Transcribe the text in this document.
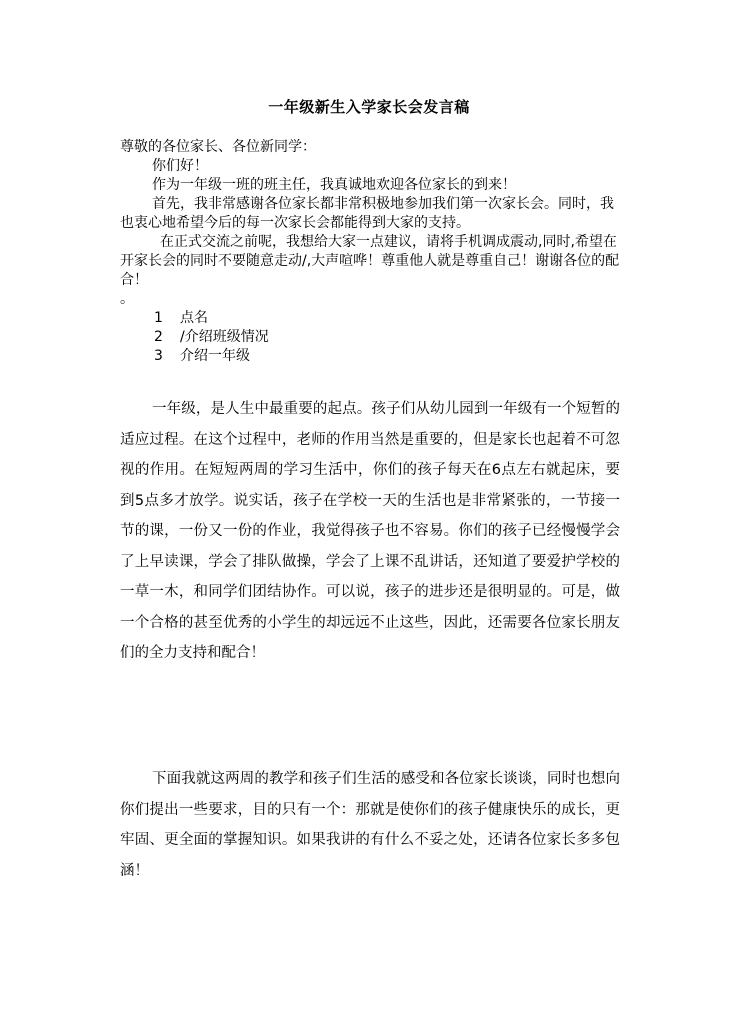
一年级新生入学家长会发言稿

尊敬的各位家长、各位新同学：

你们好！

作为一年级一班的班主任，我真诚地欢迎各位家长的到来！

首先，我非常感谢各位家长都非常积极地参加我们第一次家长会。同时，我也衷心地希望今后的每一次家长会都能得到大家的支持。

在正式交流之前呢，我想给大家一点建议，请将手机调成震动,同时,希望在开家长会的同时不要随意走动/,大声喧哗！尊重他人就是尊重自己！谢谢各位的配合！

。

1 点名
2 /介绍班级情况
3 介绍一年级

一年级，是人生中最重要的起点。孩子们从幼儿园到一年级有一个短暂的适应过程。在这个过程中，老师的作用当然是重要的，但是家长也起着不可忽视的作用。在短短两周的学习生活中，你们的孩子每天在6点左右就起床，要到5点多才放学。说实话，孩子在学校一天的生活也是非常紧张的，一节接一节的课，一份又一份的作业，我觉得孩子也不容易。你们的孩子已经慢慢学会了上早读课，学会了排队做操，学会了上课不乱讲话，还知道了要爱护学校的一草一木，和同学们团结协作。可以说，孩子的进步还是很明显的。可是，做一个合格的甚至优秀的小学生的却远远不止这些，因此，还需要各位家长朋友们的全力支持和配合！

下面我就这两周的教学和孩子们生活的感受和各位家长谈谈，同时也想向你们提出一些要求，目的只有一个：那就是使你们的孩子健康快乐的成长，更牢固、更全面的掌握知识。如果我讲的有什么不妥之处，还请各位家长多多包涵！
